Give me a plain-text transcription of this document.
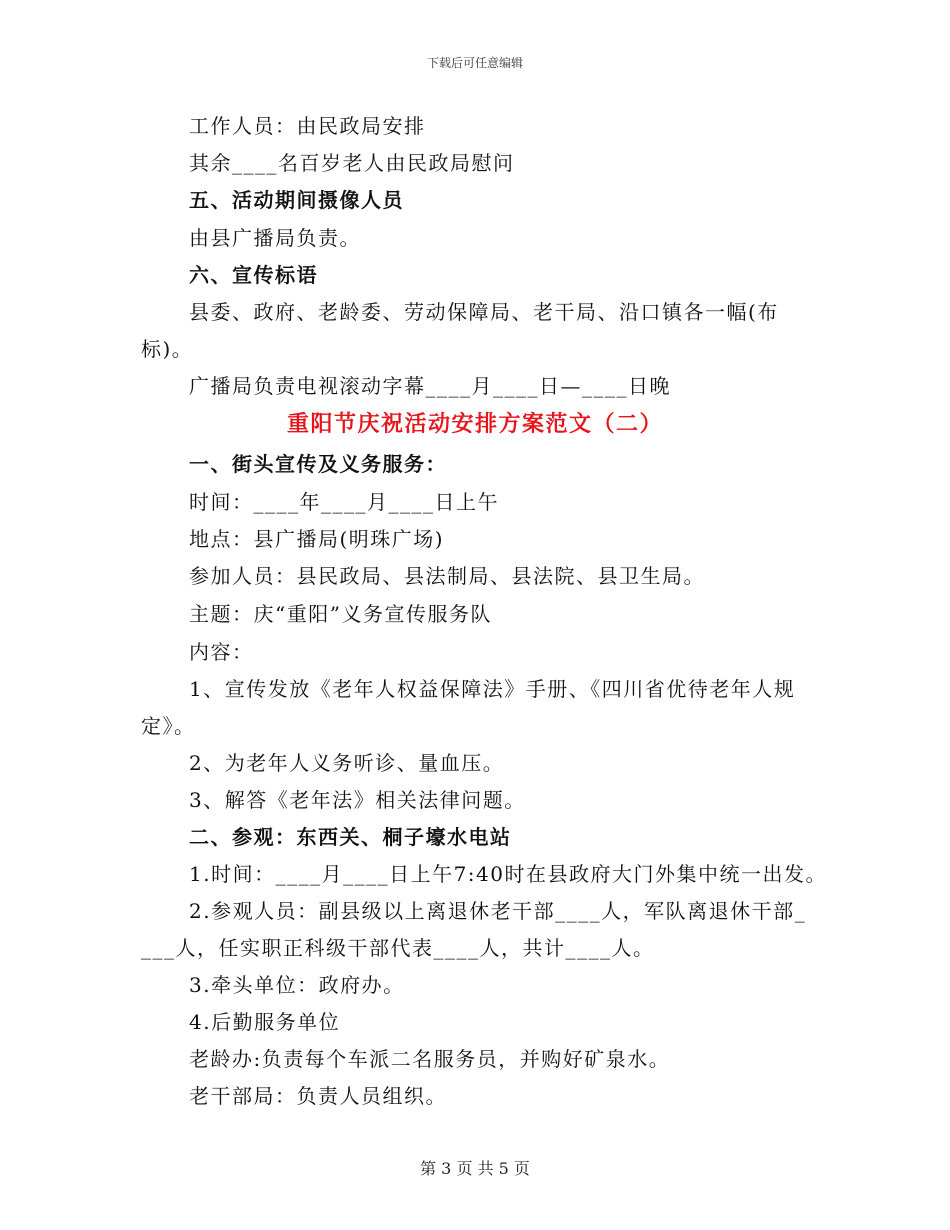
下载后可任意编辑
工作人员：由民政局安排
其余____名百岁老人由民政局慰问
五、活动期间摄像人员
由县广播局负责。
六、宣传标语
县委、政府、老龄委、劳动保障局、老干局、沿口镇各一幅(布
标)。
广播局负责电视滚动字幕____月____日—____日晚
重阳节庆祝活动安排方案范文（二）
一、街头宣传及义务服务：
时间：____年____月____日上午
地点：县广播局(明珠广场)
参加人员：县民政局、县法制局、县法院、县卫生局。
主题：庆“重阳”义务宣传服务队
内容：
1、宣传发放《老年人权益保障法》手册、《四川省优待老年人规
定》。
2、为老年人义务听诊、量血压。
3、解答《老年法》相关法律问题。
二、参观：东西关、桐子壕水电站
1.时间：____月____日上午7:40时在县政府大门外集中统一出发。
2.参观人员：副县级以上离退休老干部____人，军队离退休干部_
___人，任实职正科级干部代表____人，共计____人。
3.牵头单位：政府办。
4.后勤服务单位
老龄办:负责每个车派二名服务员，并购好矿泉水。
老干部局：负责人员组织。
第 3 页 共 5 页
